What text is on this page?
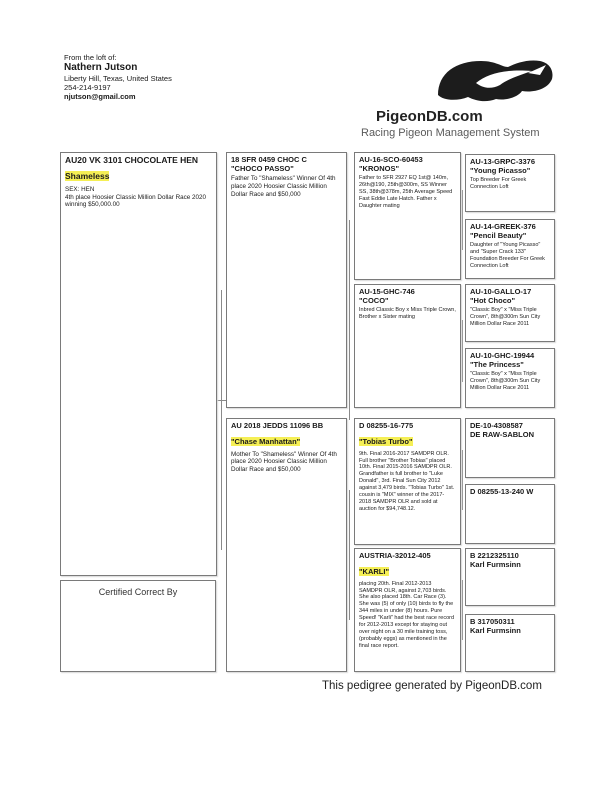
From the loft of:
Nathern Jutson
Liberty Hill, Texas, United States
254-214-9197
njutson@gmail.com
PigeonDB.com
Racing Pigeon Management System
AU20 VK 3101 CHOCOLATE HEN
Shameless
SEX: HEN
4th place Hoosier Classic Million Dollar Race 2020 winning $50,000.00
Certified Correct By
18 SFR 0459 CHOC C
"CHOCO PASSO"
Father To "Shameless" Winner Of 4th place 2020 Hoosier Classic Million Dollar Race and $50,000
AU 2018 JEDDS 11096 BB
"Chase Manhattan"
Mother To "Shameless" Winner Of 4th place 2020 Hoosier Classic Million Dollar Race and $50,000
AU-16-SCO-60453
"KRONOS"
Father to SFR 2927 EQ 1st@ 140m, 26th@190, 25th@300m, SS Winner SS, 38th@378m, 25th Average Speed Fast Eddie Late Hatch. Father x Daughter mating
AU-15-GHC-746
"COCO"
Inbred Classic Boy x Miss Triple Crown, Brother x Sister mating
D 08255-16-775
"Tobias Turbo"
9th. Final 2016-2017 SAMDPR OLR. Full brother "Brother Tobias" placed 10th. Final 2015-2016 SAMDPR OLR. Grandfather is full brother to "Luke Donald", 3rd. Final Sun City 2012 against 3,479 birds. "Tobias Turbo" 1st. cousin is "MIX" winner of the 2017-2018 SAMDPR OLR and sold at auction for $94,748.12.
AUSTRIA-32012-405
"KARLI"
placing 20th. Final 2012-2013 SAMDPR OLR, against 2,703 birds. She also placed 18th. Car Race (3). She was (5) of only (10) birds to fly the 344 miles in under (8) hours. Pure Speed! "Karli" had the best race record for 2012-2013 except for staying out over night on a 30 mile training toss, (probably eggs) as mentioned in the final race report.
AU-13-GRPC-3376
"Young Picasso"
Top Breeder For Greek Connection Loft
AU-14-GREEK-376
"Pencil Beauty"
Daughter of "Young Picasso" and "Super Crack 133" Foundation Breeder For Greek Connection Loft
AU-10-GALLO-17
"Hot Choco"
"Classic Boy" x "Miss Triple Crown", 8th@300m Sun City Million Dollar Race 2011
AU-10-GHC-19944
"The Princess"
"Classic Boy" x "Miss Triple Crown", 8th@300m Sun City Million Dollar Race 2011
DE-10-4308587
DE RAW-SABLON
D 08255-13-240 W
B 2212325110
Karl Furmsinn
B 317050311
Karl Furmsinn
This pedigree generated by PigeonDB.com
